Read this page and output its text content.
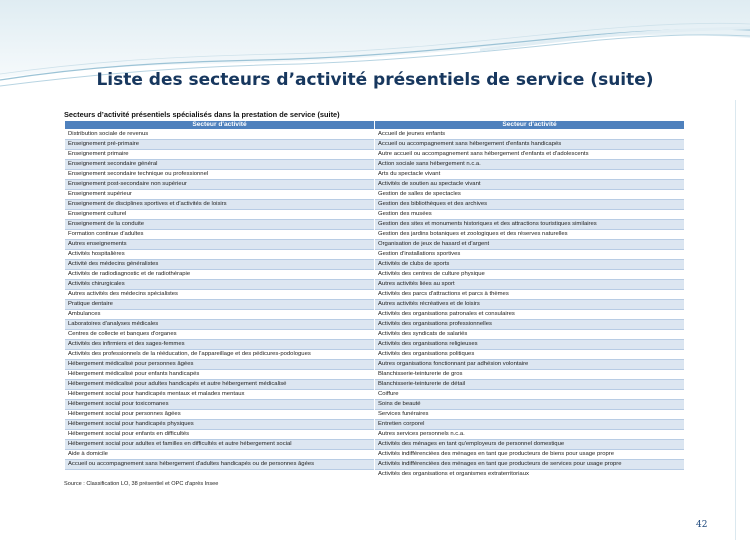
Liste des secteurs d’activité présentiels de service (suite)
Secteurs d’activité présentiels spécialisés dans la prestation de service (suite)
Secteur d'activité	Secteur d'activité
Distribution sociale de revenus	Accueil de jeunes enfants
Enseignement pré-primaire	Accueil ou accompagnement sans hébergement d'enfants handicapés
Enseignement primaire	Autre accueil ou accompagnement sans hébergement d'enfants et d'adolescents
Enseignement secondaire général	Action sociale sans hébergement n.c.a.
Enseignement secondaire technique ou professionnel	Arts du spectacle vivant
Enseignement post-secondaire non supérieur	Activités de soutien au spectacle vivant
Enseignement supérieur	Gestion de salles de spectacles
Enseignement de disciplines sportives et d'activités de loisirs	Gestion des bibliothèques et des archives
Enseignement culturel	Gestion des musées
Enseignement de la conduite	Gestion des sites et monuments historiques et des attractions touristiques similaires
Formation continue d'adultes	Gestion des jardins botaniques et zoologiques et des réserves naturelles
Autres enseignements	Organisation de jeux de hasard et d'argent
Activités hospitalières	Gestion d'installations sportives
Activité des médecins généralistes	Activités de clubs de sports
Activités de radiodiagnostic et de radiothérapie	Activités des centres de culture physique
Activités chirurgicales	Autres activités liées au sport
Autres activités des médecins spécialistes	Activités des parcs d'attractions et parcs à thèmes
Pratique dentaire	Autres activités récréatives et de loisirs
Ambulances	Activités des organisations patronales et consulaires
Laboratoires d'analyses médicales	Activités des organisations professionnelles
Centres de collecte et banques d'organes	Activités des syndicats de salariés
Activités des infirmiers et des sages-femmes	Activités des organisations religieuses
Activités des professionnels de la rééducation, de l'appareillage et des pédicures-podologues	Activités des organisations politiques
Hébergement médicalisé pour personnes âgées	Autres organisations fonctionnant par adhésion volontaire
Hébergement médicalisé pour enfants handicapés	Blanchisserie-teinturerie de gros
Hébergement médicalisé pour adultes handicapés et autre hébergement médicalisé	Blanchisserie-teinturerie de détail
Hébergement social pour handicapés mentaux et malades mentaux	Coiffure
Hébergement social pour toxicomanes	Soins de beauté
Hébergement social pour personnes âgées	Services funéraires
Hébergement social pour handicapés physiques	Entretien corporel
Hébergement social pour enfants en difficultés	Autres services personnels n.c.a.
Hébergement social pour adultes et familles en difficultés et autre hébergement social	Activités des ménages en tant qu'employeurs de personnel domestique
Aide à domicile	Activités indifférenciées des ménages en tant que producteurs de biens pour usage propre
Accueil ou accompagnement sans hébergement d'adultes handicapés ou de personnes âgées	Activités indifférenciées des ménages en tant que producteurs de services pour usage propre
	Activités des organisations et organismes extraterritoriaux
Source : Classification LO, 38 présentiel et OPC d'après Insee
42
